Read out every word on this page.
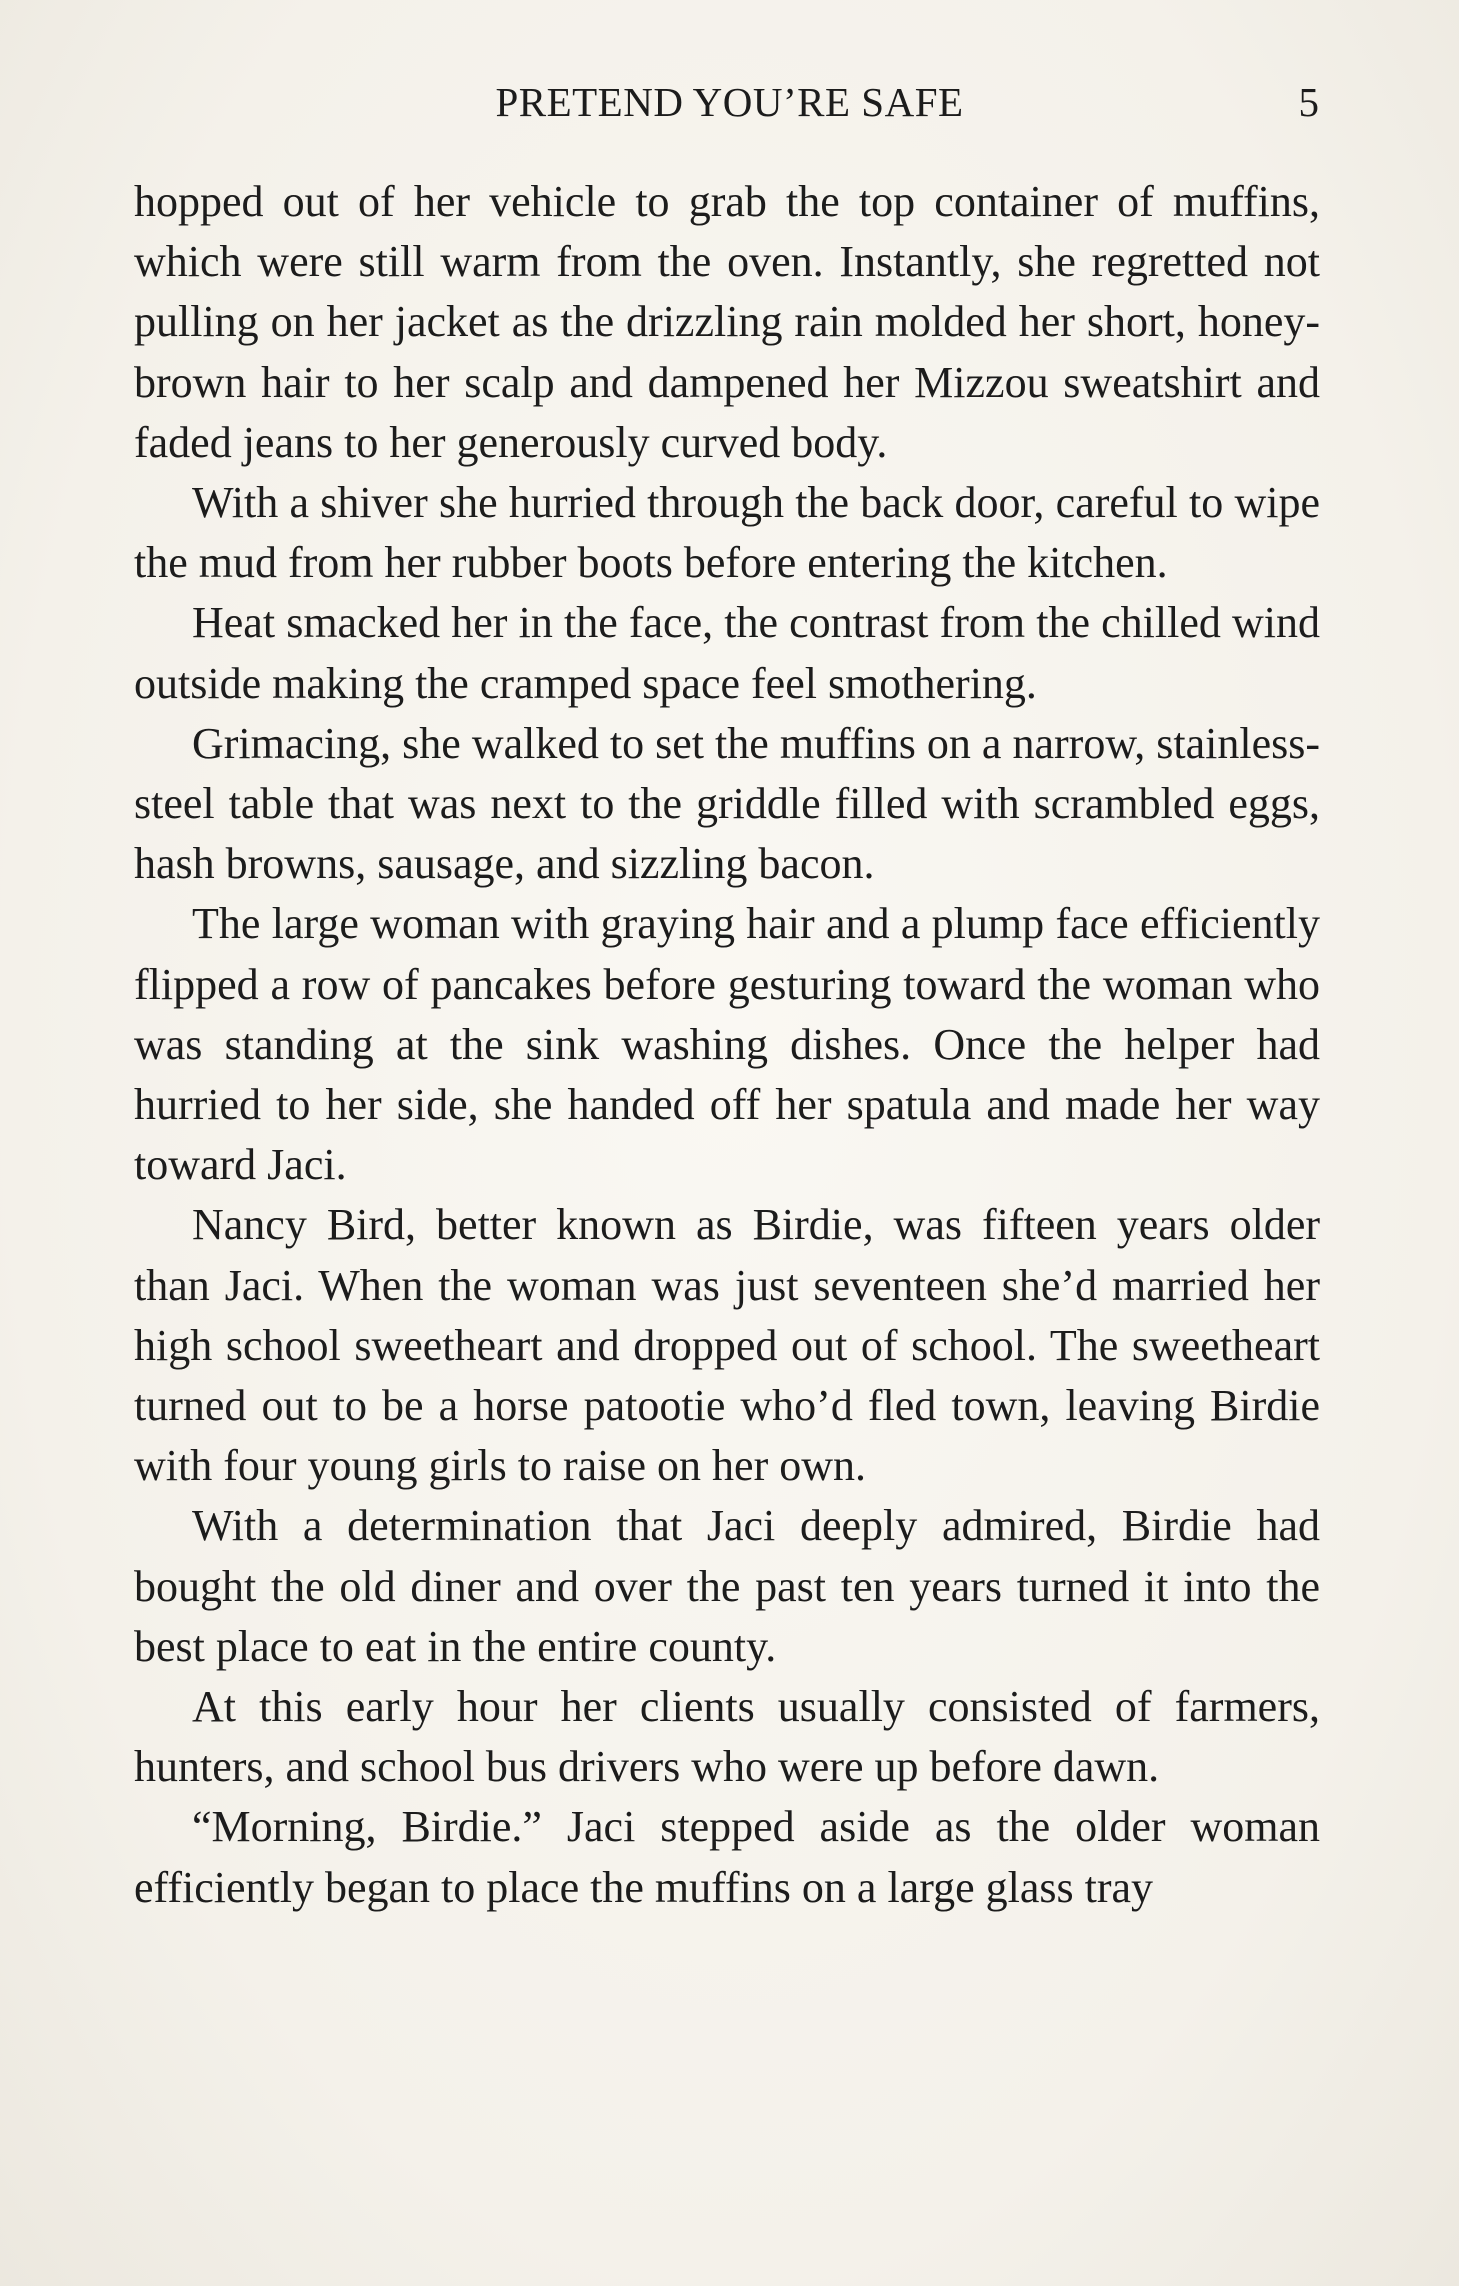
PRETEND YOU’RE SAFE	5

hopped out of her vehicle to grab the top container of muffins, which were still warm from the oven. Instantly, she regretted not pulling on her jacket as the drizzling rain molded her short, honey-brown hair to her scalp and dampened her Mizzou sweatshirt and faded jeans to her generously curved body.

With a shiver she hurried through the back door, careful to wipe the mud from her rubber boots before entering the kitchen.

Heat smacked her in the face, the contrast from the chilled wind outside making the cramped space feel smothering.

Grimacing, she walked to set the muffins on a narrow, stainless-steel table that was next to the griddle filled with scrambled eggs, hash browns, sausage, and sizzling bacon.

The large woman with graying hair and a plump face efficiently flipped a row of pancakes before gesturing toward the woman who was standing at the sink washing dishes. Once the helper had hurried to her side, she handed off her spatula and made her way toward Jaci.

Nancy Bird, better known as Birdie, was fifteen years older than Jaci. When the woman was just seventeen she’d married her high school sweetheart and dropped out of school. The sweetheart turned out to be a horse patootie who’d fled town, leaving Birdie with four young girls to raise on her own.

With a determination that Jaci deeply admired, Birdie had bought the old diner and over the past ten years turned it into the best place to eat in the entire county.

At this early hour her clients usually consisted of farmers, hunters, and school bus drivers who were up before dawn.

“Morning, Birdie.” Jaci stepped aside as the older woman efficiently began to place the muffins on a large glass tray
